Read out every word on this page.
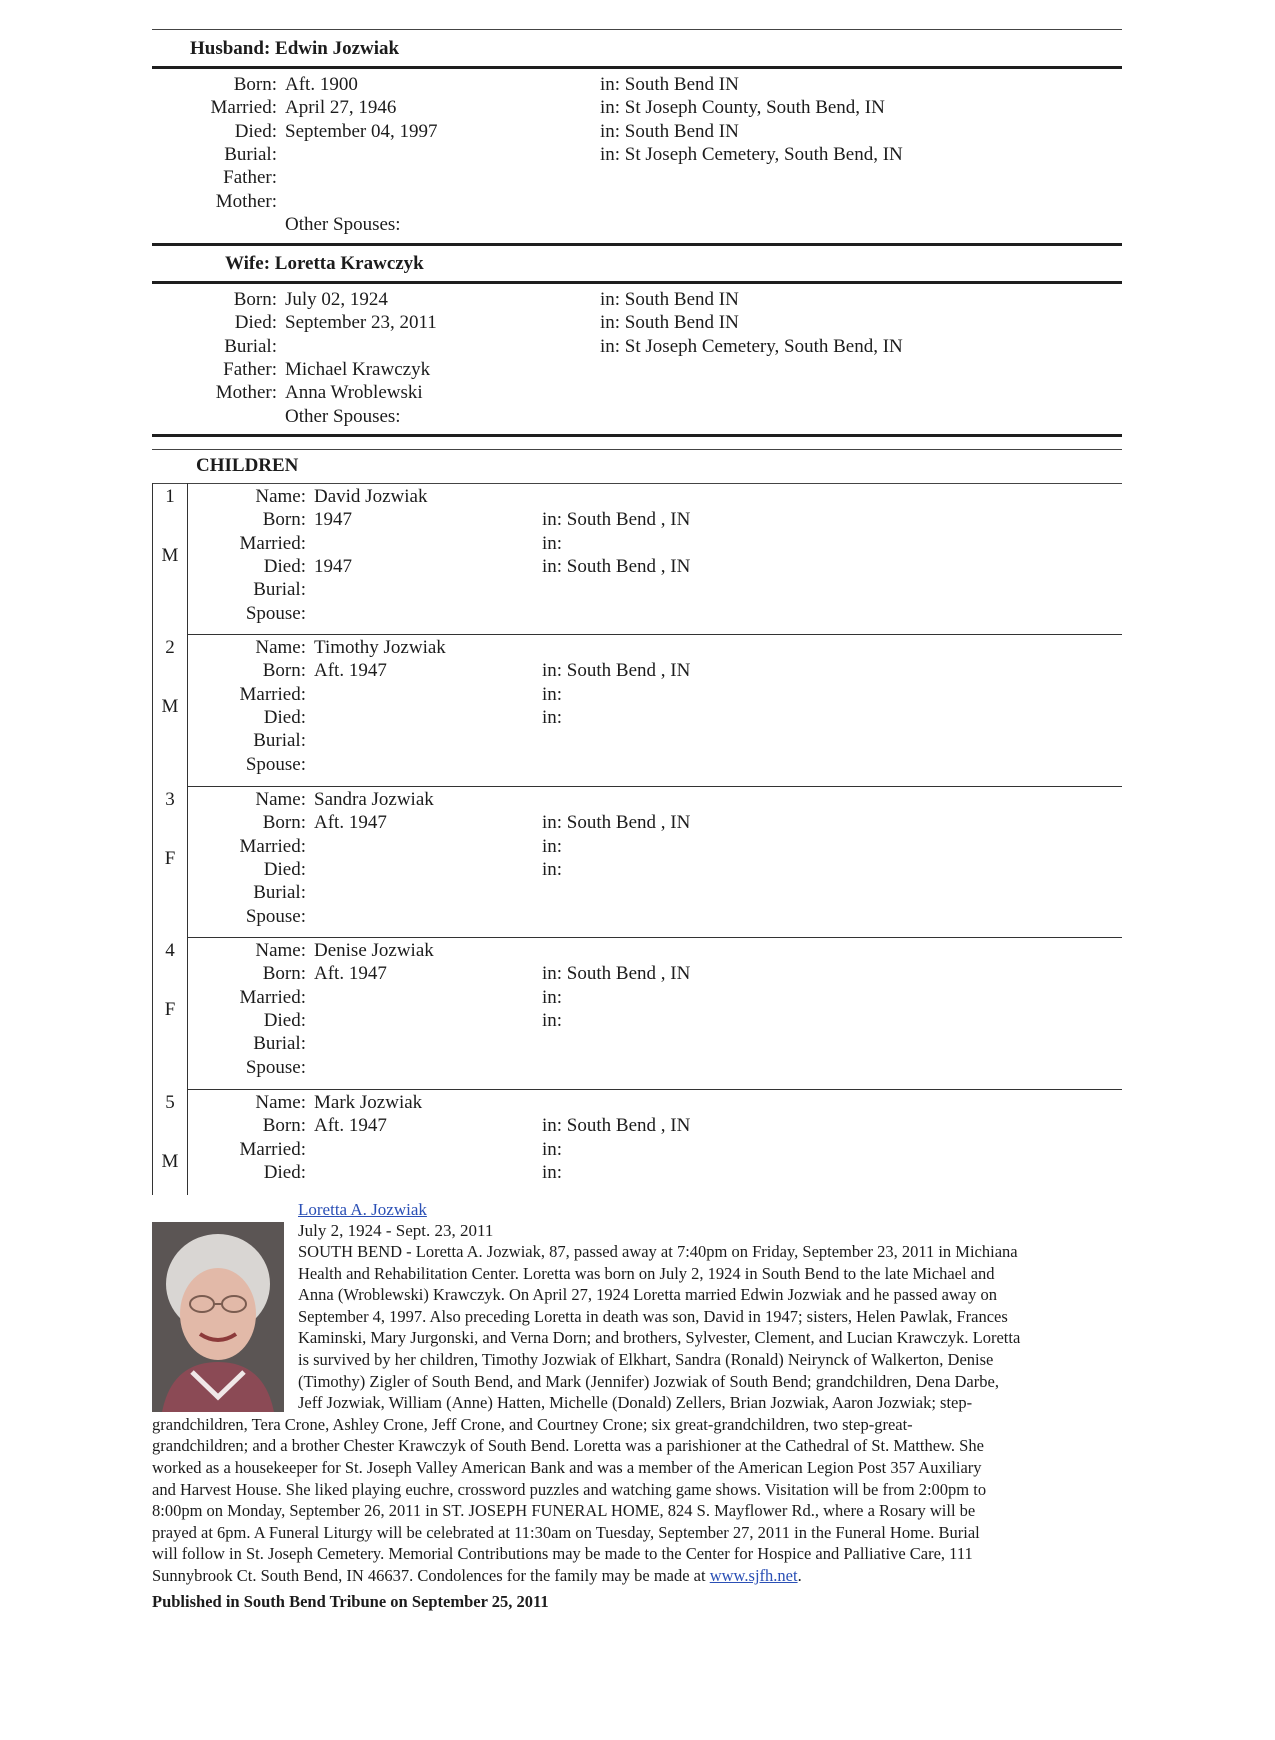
Husband: Edwin Jozwiak
Born: Aft. 1900	in: South Bend IN
Married: April 27, 1946	in: St Joseph County, South Bend, IN
Died: September 04, 1997	in: South Bend IN
Burial:	in: St Joseph Cemetery, South Bend, IN
Father:
Mother:
Other Spouses:
Wife: Loretta Krawczyk
Born: July 02, 1924	in: South Bend IN
Died: September 23, 2011	in: South Bend IN
Burial:	in: St Joseph Cemetery, South Bend, IN
Father: Michael Krawczyk
Mother: Anna Wroblewski
Other Spouses:
CHILDREN
1
M
Name: David Jozwiak
Born: 1947	in: South Bend , IN
Married:	in:
Died: 1947	in: South Bend , IN
Burial:
Spouse:
2
M
Name: Timothy Jozwiak
Born: Aft. 1947	in: South Bend , IN
Married:	in:
Died:	in:
Burial:
Spouse:
3
F
Name: Sandra Jozwiak
Born: Aft. 1947	in: South Bend , IN
Married:	in:
Died:	in:
Burial:
Spouse:
4
F
Name: Denise Jozwiak
Born: Aft. 1947	in: South Bend , IN
Married:	in:
Died:	in:
Burial:
Spouse:
5
M
Name: Mark Jozwiak
Born: Aft. 1947	in: South Bend , IN
Married:	in:
Died:	in:
Loretta A. Jozwiak
July 2, 1924 - Sept. 23, 2011
SOUTH BEND - Loretta A. Jozwiak, 87, passed away at 7:40pm on Friday, September 23, 2011 in Michiana
Health and Rehabilitation Center. Loretta was born on July 2, 1924 in South Bend to the late Michael and
Anna (Wroblewski) Krawczyk. On April 27, 1924 Loretta married Edwin Jozwiak and he passed away on
September 4, 1997. Also preceding Loretta in death was son, David in 1947; sisters, Helen Pawlak, Frances
Kaminski, Mary Jurgonski, and Verna Dorn; and brothers, Sylvester, Clement, and Lucian Krawczyk. Loretta
is survived by her children, Timothy Jozwiak of Elkhart, Sandra (Ronald) Neirynck of Walkerton, Denise
(Timothy) Zigler of South Bend, and Mark (Jennifer) Jozwiak of South Bend; grandchildren, Dena Darbe,
Jeff Jozwiak, William (Anne) Hatten, Michelle (Donald) Zellers, Brian Jozwiak, Aaron Jozwiak; step-
grandchildren, Tera Crone, Ashley Crone, Jeff Crone, and Courtney Crone; six great-grandchildren, two step-great-
grandchildren; and a brother Chester Krawczyk of South Bend. Loretta was a parishioner at the Cathedral of St. Matthew. She
worked as a housekeeper for St. Joseph Valley American Bank and was a member of the American Legion Post 357 Auxiliary
and Harvest House. She liked playing euchre, crossword puzzles and watching game shows. Visitation will be from 2:00pm to
8:00pm on Monday, September 26, 2011 in ST. JOSEPH FUNERAL HOME, 824 S. Mayflower Rd., where a Rosary will be
prayed at 6pm. A Funeral Liturgy will be celebrated at 11:30am on Tuesday, September 27, 2011 in the Funeral Home. Burial
will follow in St. Joseph Cemetery. Memorial Contributions may be made to the Center for Hospice and Palliative Care, 111
Sunnybrook Ct. South Bend, IN 46637. Condolences for the family may be made at www.sjfh.net.
Published in South Bend Tribune on September 25, 2011
